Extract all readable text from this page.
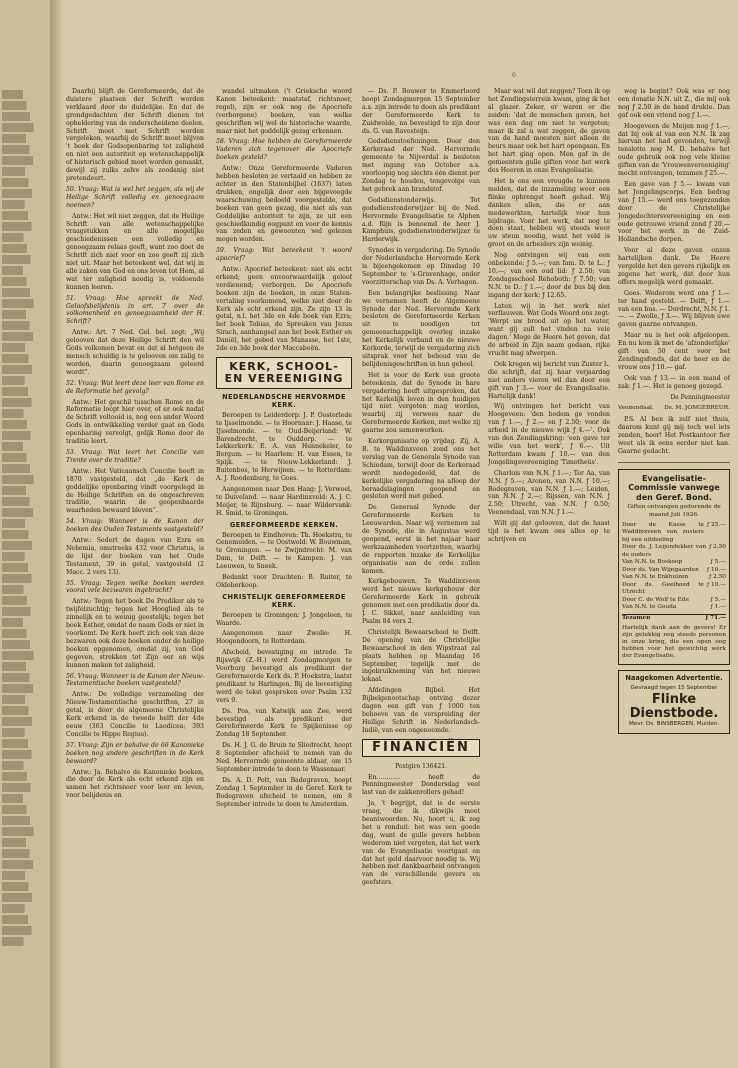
6

Daarbij blijft de Gereformeerde, dat de duistere plaatsen der Schrift worden verklaard door de duidelijke. En dat de grondgedachten der Schrift dienen tot opheldering van de onderscheidene deelen. Schrift moet met Schrift worden vergeleken, waarbij de Schrift moet blijven 't boek der Godsopenbaring tot zaligheid en niet een autoriteit op wetenschappelijk of historisch gebied moet worden gemaakt, dewijl zij zulks zelve als zoodanig niet pretendeert.

50. Vraag: Wat is wel het zeggen, als wij de Heilige Schrift volledig en genoegzaam noemen?

Antw.: Het wil niet zeggen, dat de Heilige Schrift van alle wetenschappelijke vraagstukken en alle mogelijke geschiedenissen een volledig en genoegzaam relaas geeft, want zoo doet de Schrift zich niet voor en zoo geeft zij zich niet uit. Maar het beteekent wel, dat wij in alle zaken van God en ons leven tot Hem, al wat ter zaligheid noodig is, voldoende kunnen leeren.

51. Vraag: Hoe spreekt de Ned. Geloofsbelijdenis in art. 7 over de volkomenheid en genoegzaamheid der H. Schrift?

Antw.: Art. 7 Ned. Gel. bel. zegt: „Wij gelooven dat deze Heilige Schrift den wil Gods volkomen bevat en dat al hetgeen de mensch schuldig is te gelooven om zalig te worden, daarin genoegzaam geleerd wordt”.

52. Vraag: Wat leert deze leer van Rome en de Reformatie het gevolg?

Antw.: Het geschil tusschen Rome en de Reformatie loopt hier over, of er ook nadat de Schrift voltooid is, nog een ander Woord Gods in ontwikkeling verder gaat en Gods openbaring vervolgt, gelijk Rome door de traditie leert.

53. Vraag: Wat leert het Concilie van Trente over de traditie?

Antw.: Het Vaticaansch Concilie heeft in 1870 vastgesteld, dat „de Kerk de goddelijke openbaring vindt voorgelegd in de Heilige Schriften en de ongeschreven traditie, waarin de geopenbaarde waarheden bewaard bleven”.

54. Vraag: Wanneer is de Kanon der boeken des Ouden Testaments vastgesteld?

Antw.: Sedert de dagen van Ezra en Nehemia, omstreeks 432 voor Christus, is de lijst der boeken van het Oude Testament, 39 in getal, vastgesteld (2 Macc. 2 vers 13).

55. Vraag: Tegen welke boeken werden vooral vele bezwaren ingebracht?

Antw.: Tegen het boek De Prediker als te twijfelzuchtig; tegen het Hooglied als te zinnelijk en te weinig geestelijk; tegen het boek Esther, omdat de naam Gods er niet in voorkomt. De Kerk heeft zich ook van deze bezwaren ook deze boeken onder de heilige boeken opgenomen, omdat zij, van God gegeven, strekken tot Zijn eer en wijs kunnen maken tot zaligheid.

56. Vraag: Wanneer is de Kanon der Nieuw-Testamentische boeken vastgesteld?

Antw.: De volledige verzameling der Nieuw-Testamentische geschriften, 27 in getal, is door de algemeene Christelijke Kerk erkend in de tweede helft der 4de eeuw (363 Concilie te Laodicea; 393 Concilie te Hippo Regius).

57. Vraag: Zijn er behalve de 66 Kanonieke boeken nog andere geschriften in de Kerk bewaard?

Antw.: Ja. Behalve de Kanonieke boeken, die door de Kerk als echt erkend zijn en samen het richtsnoer voor leer en leven, voor belijdenis en

wandel uitmaken ('t Grieksche woord Kanon beteekent: maatstaf, richtsnoer, regel), zijn er ook nog de Apocriefe (verborgene) boeken, van welke geschriften wij wel de historische waarde, maar niet het goddelijk gezag erkennen.

58. Vraag: Hoe hebben de Gereformeerde Vaderen zich tegenover die Apocriefe boeken gesteld?

Antw.: Onze Gereformeerde Vaderen hebben besloten ze vertaald en hebben ze achter in den Statenbijbel (1637) laten drukken, ongelijk door een bijgevoegde waarschuwing bedoeld voorgestelde, dat boeken van geen gezag, die niet als van Goddelijke autoriteit te zijn, ze uit een geschiedkundig oogpunt en voor de kennis van zeden en gewoonten wel gelezen mogen worden.

59. Vraag: Wat beteekent 't woord apocrief?

Antw.: Apocrief beteekent: niet als echt erkend; geen onvoorwaardelijk geloof verdienend; verborgen. De Apocriefe boeken zijn de boeken, in onze Staten-vertaling voorkomend, welke niet door de Kerk als echt erkend zijn. Ze zijn 13 in getal, n.l. het 3de en 4de boek van Ezra; het boek Tobias, de Spreuken van Jezus Sirach, aanhangsel aan het boek Esther en Daniël, het gebed van Manasse, het 1ste, 2de en 3de boek der Maccabeën.

KERK, SCHOOL- EN VEREENIGING
NEDERLANDSCHE HERVORMDE KERK.

Beroepen te Leiderdorp: J. P. Oosterlede te Ijsselmonde. — te Hoornaar: J. Haase, te IJsselmonde. — te Oud-Beijerland: W. Barendrecht, te Ouddorp. — te Lekkerkerk: E. A. van Hennekeler, te Bergum. — te Haarlem: H. van Essen, te Spijk. — te Nieuw-Lekkerland: J. Buitenbos, te Herwijnen. — te Rotterdam: A. J. Roodenburg, te Goes.

Aangenomen naar Den Haag: J. Verweel, te Duiveland. — naar Hardinxveld: A. J. C. Meijer, te Rijnsburg. — naar Wildervank: H. Smid, te Groningen.

GEREFORMEERDE KERKEN.

Beroepen te Eindhoven: Th. Hoekstra, te Genemuiden. — te Oostwold: W. Bouwman, te Groningen. — te Zwijndrecht: M. van Dam, te Delft. — te Kampen: J. van Leeuwen, te Sneek.

Bedankt voor Drachten: B. Ruiter, te Oldeberkoop.

CHRISTELIJK GEREFORMEERDE KERK.

Beroepen te Groningen: J. Jongeleen, te Waarde.

Aangenomen naar Zwolle: H. Hoogendoorn, te Rotterdam.

Afscheid, bevestiging en intrede. Te Rijswijk (Z.-H.) werd Zondagmorgen te Voorburg bevestigd als predikant der Gereformeerde Kerk ds. P. Hoekstra, laatst predikant te Harlingen. Bij de bevestiging werd de tekst gesproken over Psalm 132 vers 9.

Ds. Pos, van Katwijk aan Zee, werd bevestigd als predikant der Gereformeerde Kerk te Spijkenisse op Zondag 18 September.

Ds. H. J. G. de Bruin te Sliedrecht, hoopt 8 September afscheid te nemen van de Ned. Hervormde gemeente aldaar, om 15 September intrede te doen te Wassenaar.

Ds. A. D. Pott, van Badegraven, hoopt Zondag 1 September in de Geref. Kerk te Bodegraven afscheid te nemen, om 8 September intrede te doen te Amsterdam.

— Ds. P. Bouwer te Emmerloord hoopt Zondagmorgen 15 September a.s. zijn intrede te doen als predikant der Gereformeerde Kerk te Zuidwolde, na bevestigd te zijn door ds. G. van Ravesteijn.

Godsdienstoefeningen. Door den Kerkeraad der Ned. Hervormde gemeente te Nijverdal is besloten met ingang van October a.s. voorloopig nog slechts één dienst per Zondag te houden, tengevolge van het gebrek aan brandstof.

Godsdienstonderwijs. Tot godsdienstonderwijzer bij de Ned. Hervormde Evangelisatie te Alphen a.d. Rijn is benoemd de heer J. Kamphuis, godsdienstonderwijzer te Harderwijk.

Synodes in vergadering. De Synode der Nederlandsche Hervormde Kerk is bijeengekomen op Dinsdag 10 September te 's-Gravenhage, onder voorzitterschap van Ds. A. Verhagen.

Een belangrijke beslissing. Naar we vernemen heeft de Algemeene Synode der Ned. Hervormde Kerk besloten de Gereformeerde Kerken uit te noodigen tot gemeenschappelijk overleg inzake het Kerkelijk verband en de nieuwe Kerkorde, terwijl de vergadering zich uitsprak voor het behoud van de belijdenisgeschriften in hun geheel.

Het is voor de Kerk van groote beteekenis, dat de Synode in hare vergadering heeft uitgesproken, dat het Kerkelijk leven in den huidigen tijd niet vergeten mag worden, waarbij zij verwees naar de Gereformeerde Kerken, met welke zij gaarne zou samenwerken.

Kerkorganisatie op vrijdag. Zij, A. B. te Waddinxveen zond ons het verslag van de Generale Synode van Schiedam, terwijl door de Kerkeraad wordt medegedeeld, dat de kerkelijke vergadering na afloop der beraadslagingen geopend en gesloten werd met gebed.

De Generaal Synode der Gereformeerde Kerken te Leeuwarden. Naar wij vernemen zal de Synode, die in Augustus werd geopend, eerst in het najaar haar werkzaamheden voortzetten, waarbij de rapporten inzake de Kerkelijke organisatie aan de orde zullen komen.

Kerkgebouwen. Te Waddinxveen werd het nieuwe kerkgebouw der Gereformeerde Kerk in gebruik genomen met een predikatie door ds. J. C. Sikkel, naar aanleiding van Psalm 84 vers 2.

Christelijk Bewaarschool te Delft. De opening van de Christelijke Bewaarschool in den Wipstraat zal plaats hebben op Maandag 16 September, tegelijk met de ingebruikneming van het nieuwe lokaal.

Afdelingen Bijbel. Het Bijbelgenootschap ontving dezer dagen een gift van ƒ 1000 ten behoeve van de verspreiding der Heilige Schrift in Nederlandsch-Indië, van een ongenoemde.

FINANCIËN
Postgiro 136421.

En............ heeft de Penningmeester Dondersdag veel last van de zakkenrollers gehad!

Ja, 't begrijpt, dat is de eerste vraag, die ik dikwijls moet beantwoorden. Nu, hoort u, ik zeg het u ronduit: het was een goede dag, want de gulle gevers hebben wederom niet vergeten, dat het werk van de Evangelisatie voortgaat en dat het geld daarvoor noodig is. Wij hebben met dankbaarheid ontvangen van de verschillende gevers en geefsters.

Maar wat wil dat zeggen? Toen ik op het Zendingsterrein kwam, ging ik het al glazer. Zeker, er waren er die zeiden: 'dat de menschen gaven, het was een dag om niet te vergeten; maar ik zal u wat zeggen, de gaven van de hand moesten niet alleen de beurs maar ook het hart opengaan. En het hart ging open. Men gaf in de gemeenten gulle giften voor het werk des Heeren in onze Evangelisatie.

Het is ons een vreugde te kunnen melden, dat de inzameling weer een flinke opbrengst heeft gehad. Wij danken allen, die er aan medewerkten, hartelijk voor hun bijdrage. Voor het werk, dat nog te doen staat, hebben wij steeds weer uw steun noodig, want het veld is groot en de arbeiders zijn weinig.

Nog ontvingen wij van een onbekende: ƒ 5.—; van fam. D. te L.: ƒ 10.—; van een oud lid: ƒ 2.50; van Zondagsschool Rehoboth: ƒ 7.50; van N.N. te D.: ƒ 1.—; door de bus bij den ingang der kerk: ƒ 12.65.

Laten wij in het werk niet verflauwen. Wat Gods Woord ons zegt: 'Werpt uw brood uit op het water, want gij zult het vinden na vele dagen.' Moge de Heere het geven, dat de arbeid in Zijn naam gedaan, rijke vrucht mag afwerpen.

Ook kregen wij bericht van Zuster L. die schrijft, dat zij haar verjaardag niet anders vieren wil dan door een gift van ƒ 3.— voor de Evangelisatie. Hartelijk dank!

Wij ontvingen het bericht van Hoogeveen: 'den bodem ge vonden van ƒ 1.—, ƒ 2.— en ƒ 2.50; voor de arbeid in de nieuwe wijk ƒ 4.—'. Ook van den Zendingskring: 'een gave ter wille van het werk', ƒ 6.—. Uit Rotterdam kwam ƒ 10.— van den Jongelingsvereeniging 'Timotheüs'.

Charlois van N.N. ƒ 1.—; Ter Aa, van N.N. ƒ 5.—; Aronen, van N.N. ƒ 10.—; Bodegraven, van N.N. ƒ 1.—; Leiden, van N.N. ƒ 2.—; Rijssen, van N.N. ƒ 2.50; Utrecht, van N.N. ƒ 0.50; Veenendaal, van N.N. ƒ 1.—.

Wilt gij dat gelooven, dat de haast tijd is het kwam ons alles op te schrijven en

weg is begint? Ook was er nog een donatie N.N. uit Z., die mij ook nog ƒ 2.50 in de hand drukte. Dan gaf ook een vriend nog ƒ 1.—.

Hoogeveen de Meijen nog ƒ 1.—, dat bij ook al van een N.N. Ik zag hiervan het had gevonden, terwijl tenslotte nog M. D. behalve het oude gebruik ook nog vele kleine giften van de 'Vrouwenvereeniging' mocht ontvangen, tezamen ƒ 25.—.

Een gave van ƒ 5.— kwam van het Jongelingscorps. Een bedrag van ƒ 15.— werd ons toegezonden door de Christelijke Jongedochtersvereeniging en een oude getrouwe vriend zond ƒ 20.— voor het werk in de Zuid-Hollandsche dorpen.

Voor al deze gaven onzen hartelijken dank. De Heere vergelde het den gevers rijkelijk en zegene het werk, dat door hun offers mogelijk werd gemaakt.

Goes. Wederom werd ons ƒ 1.— ter hand gesteld. — Delft, ƒ 1.— van een bus. — Dordrecht, N.N. ƒ 1.—. — Zwolle, ƒ 3.—. Wij blijven uwe gaven gaarne ontvangen.

Maar nu is het ook afgeloopen. En nu kom ik met de 'afzonderlijke' gift van 50 cent voor het Zendingsfonds, dat de heer en de vrouw ons ƒ 10.— gaf.

Ook van ƒ 13.— in een mand of zak: ƒ 1.—. Het is genoeg gezegd.

De Penningmeester
Veenendaal. Ds. M. JONGEBREUR.

P.S. Al ben ik zelf niet thuis, daarom kunt gij mij toch wel iets zenden, hoor! Het Postkantoor fier weet als ik eens eerder niet kan. Gaarne gedacht.

Evangelisatie-Commissie vanwege den Geref. Bond.
Giften ontvangen gedurende de maand Juli 1926.
Door de Kasse te Waddinxveen van zusters bij een uitdeeling
ƒ 25.—
Door ds. J. Leijendekker van de ouders
ƒ 2.50
Van N.N. te Boskoop	ƒ 5.—
Door ds. Van Wijngaarden	ƒ 10.—
Van N.N. te Enkhuizen	ƒ 2.50
Door ds. Geelhoed te Utrecht
ƒ 10.—
Door C. de Wolf te Ede	ƒ 5.—
Van N.N. te Gouda	ƒ 1.—
Tezamen	ƒ 71.—
Hartelijk dank aan de gevers! Er zijn gelukkig nog steeds personen in onze kring, die een open oog hebben voor het gewichtig werk der Evangelisatie.
Naagekomen Advertentie.
Gevraagd tegen 15 September
Flinke Dienstbode.
Mevr. Ds. BINSBERGEN, Muiden.
